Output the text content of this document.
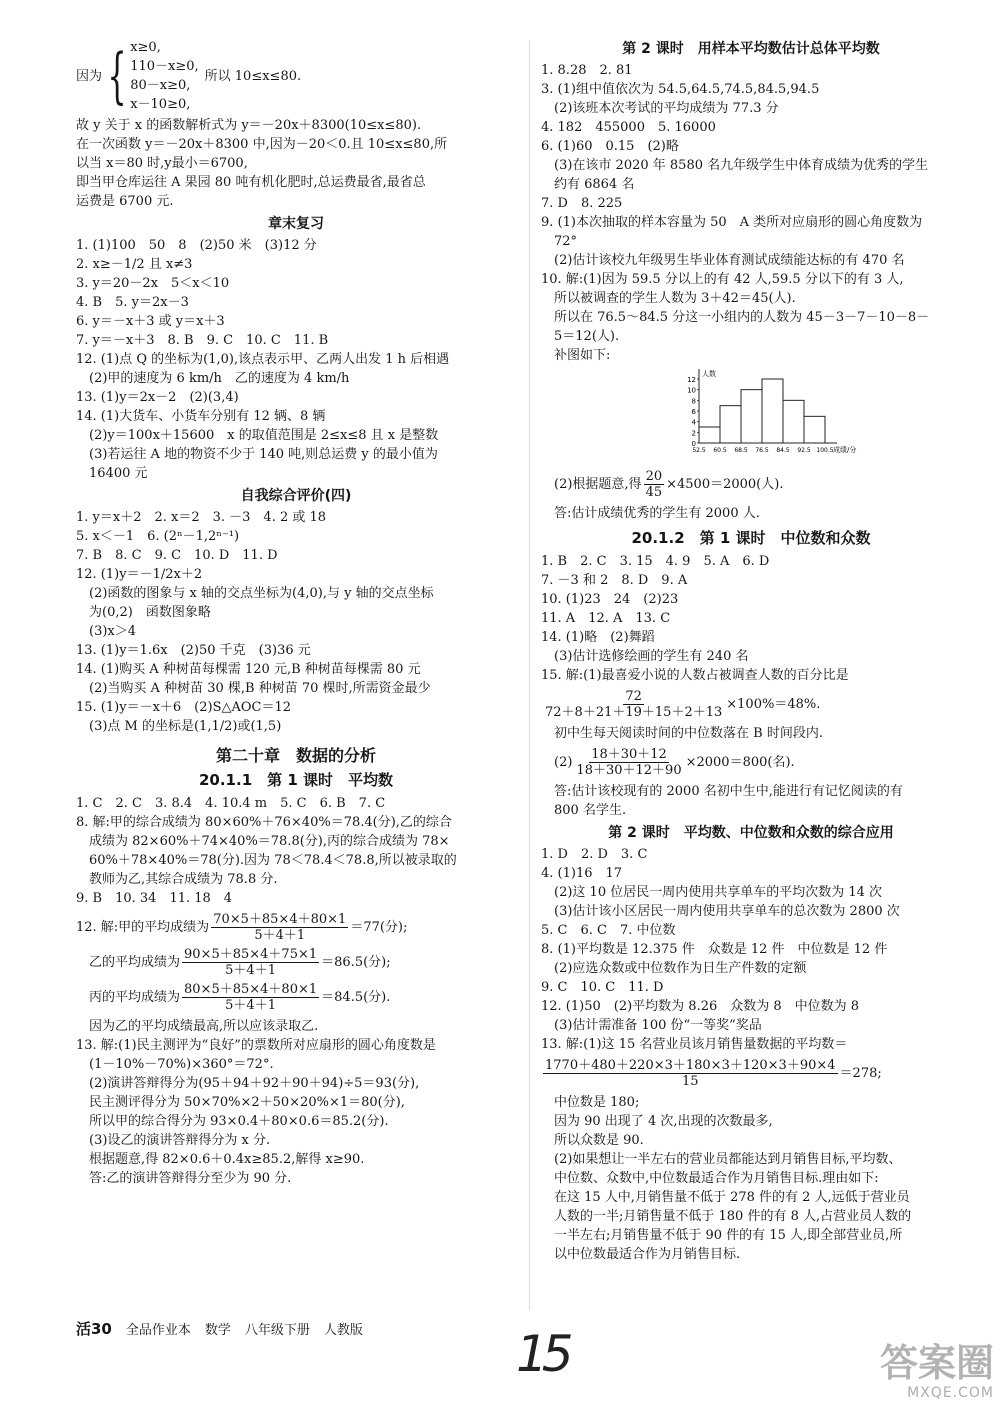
因为 { x≥0,
110－x≥0,
80－x≥0,
x－10≥0,
所以 10≤x≤80.
故 y 关于 x 的函数解析式为 y＝－20x＋8300(10≤x≤80).
在一次函数 y＝－20x＋8300 中,因为－20＜0.且 10≤x≤80,所
以当 x＝80 时,y最小＝6700,
即当甲仓库运往 A 果园 80 吨有机化肥时,总运费最省,最省总
运费是 6700 元.
章末复习
1. (1)100　50　8　(2)50 米　(3)12 分
2. x≥－1/2 且 x≠3
3. y＝20－2x　5＜x＜10
4. B　5. y＝2x－3
6. y＝－x＋3 或 y＝x＋3
7. y＝－x＋3　8. B　9. C　10. C　11. B
12. (1)点 Q 的坐标为(1,0),该点表示甲、乙两人出发 1 h 后相遇
　(2)甲的速度为 6 km/h　乙的速度为 4 km/h
13. (1)y＝2x－2　(2)(3,4)
14. (1)大货车、小货车分别有 12 辆、8 辆
　(2)y＝100x＋15600　x 的取值范围是 2≤x≤8 且 x 是整数
　(3)若运往 A 地的物资不少于 140 吨,则总运费 y 的最小值为
　16400 元
自我综合评价(四)
1. y＝x＋2　2. x＝2　3. －3　4. 2 或 18
5. x＜－1　6. (2ⁿ－1,2ⁿ⁻¹)
7. B　8. C　9. C　10. D　11. D
12. (1)y＝－1/2x＋2
　(2)函数的图象与 x 轴的交点坐标为(4,0),与 y 轴的交点坐标
　为(0,2)　函数图象略
　(3)x＞4
13. (1)y＝1.6x　(2)50 千克　(3)36 元
14. (1)购买 A 种树苗每棵需 120 元,B 种树苗每棵需 80 元
　(2)当购买 A 种树苗 30 棵,B 种树苗 70 棵时,所需资金最少
15. (1)y＝－x＋6　(2)S△AOC＝12
　(3)点 M 的坐标是(1,1/2)或(1,5)
第二十章　数据的分析
20.1.1　第 1 课时　平均数
1. C　2. C　3. 8.4　4. 10.4 m　5. C　6. B　7. C
8. 解:甲的综合成绩为 80×60%＋76×40%＝78.4(分),乙的综合
　成绩为 82×60%＋74×40%＝78.8(分),丙的综合成绩为 78×
　60%＋78×40%＝78(分).因为 78＜78.4＜78.8,所以被录取的
　教师为乙,其综合成绩为 78.8 分.
9. B　10. 34　11. 18　4
12. 解:甲的平均成绩为 $\frac{70\times 5+85\times 4+80\times 1}{5+4+1} =77$(分);
　乙的平均成绩为 $\frac{90\times 5+85\times 4+75\times 1}{5+4+1} =86.5$(分);
　丙的平均成绩为 $\frac{80\times 5+85\times 4+80\times 1}{5+4+1} =84.5$(分).
　因为乙的平均成绩最高,所以应该录取乙.
13. 解:(1)民主测评为“良好”的票数所对应扇形的圆心角度数是
　(1－10%－70%)×360°＝72°.
　(2)演讲答辩得分为(95＋94＋92＋90＋94)÷5＝93(分),
　民主测评得分为 50×70%×2＋50×20%×1＝80(分),
　所以甲的综合得分为 93×0.4＋80×0.6＝85.2(分).
　(3)设乙的演讲答辩得分为 x 分.
　根据题意,得 82×0.6＋0.4x≥85.2,解得 x≥90.
　答:乙的演讲答辩得分至少为 90 分.
第 2 课时　用样本平均数估计总体平均数
1. 8.28　2. 81
3. (1)组中值依次为 54.5,64.5,74.5,84.5,94.5
　(2)该班本次考试的平均成绩为 77.3 分
4. 182　455000　5. 16000
6. (1)60　0.15　(2)略
　(3)在该市 2020 年 8580 名九年级学生中体育成绩为优秀的学生
　约有 6864 名
7. D　8. 225
9. (1)本次抽取的样本容量为 50　A 类所对应扇形的圆心角度数为
　72°
　(2)估计该校九年级男生毕业体育测试成绩能达标的有 470 名
10. 解:(1)因为 59.5 分以上的有 42 人,59.5 分以下的有 3 人,
　所以被调查的学生人数为 3＋42＝45(人).
　所以在 76.5～84.5 分这一小组内的人数为 45－3－7－10－8－
　5＝12(人).
　补图如下:
0
2
4
6
8
10
12
52.5 60.5 68.5 76.5 84.5 92.5 100.5
人数
成绩/分
　(2)根据题意,得 $\frac{20}{45} \times 4500=2000$(人).
　答:估计成绩优秀的学生有 2000 人.
20.1.2　第 1 课时　中位数和众数
1. B　2. C　3. 15　4. 9　5. A　6. D
7. －3 和 2　8. D　9. A
10. (1)23　24　(2)23
11. A　12. A　13. C
14. (1)略　(2)舞蹈
　(3)估计选修绘画的学生有 240 名
15. 解:(1)最喜爱小说的人数占被调查人数的百分比是
$\frac{72}{72+8+21+19+15+2+13} \times 100\%=48\%$.
　初中生每天阅读时间的中位数落在 B 时间段内.
　$(2) \frac{18+30+12}{18+30+12+90} \times 2000=800$(名).
　答:估计该校现有的 2000 名初中生中,能进行有记忆阅读的有
　800 名学生.
第 2 课时　平均数、中位数和众数的综合应用
1. D　2. D　3. C
4. (1)16　17
　(2)这 10 位居民一周内使用共享单车的平均次数为 14 次
　(3)估计该小区居民一周内使用共享单车的总次数为 2800 次
5. C　6. C　7. 中位数
8. (1)平均数是 12.375 件　众数是 12 件　中位数是 12 件
　(2)应选众数或中位数作为日生产件数的定额
9. C　10. C　11. D
12. (1)50　(2)平均数为 8.26　众数为 8　中位数为 8
　(3)估计需准备 100 份“一等奖”奖品
13. 解:(1)这 15 名营业员该月销售量数据的平均数＝
$\frac{1770+480+220\times 3+180\times 3+120\times 3+90\times 4}{15} =278$;
　中位数是 180;
　因为 90 出现了 4 次,出现的次数最多,
　所以众数是 90.
　(2)如果想让一半左右的营业员都能达到月销售目标,平均数、
　中位数、众数中,中位数最适合作为月销售目标.理由如下:
　在这 15 人中,月销售量不低于 278 件的有 2 人,远低于营业员
　人数的一半;月销售量不低于 180 件的有 8 人,占营业员人数的
　一半左右;月销售量不低于 90 件的有 15 人,即全部营业员,所
　以中位数最适合作为月销售目标.
活30 全品作业本 数学 八年级下册 人教版	15	答案圈
MXQE.COM
